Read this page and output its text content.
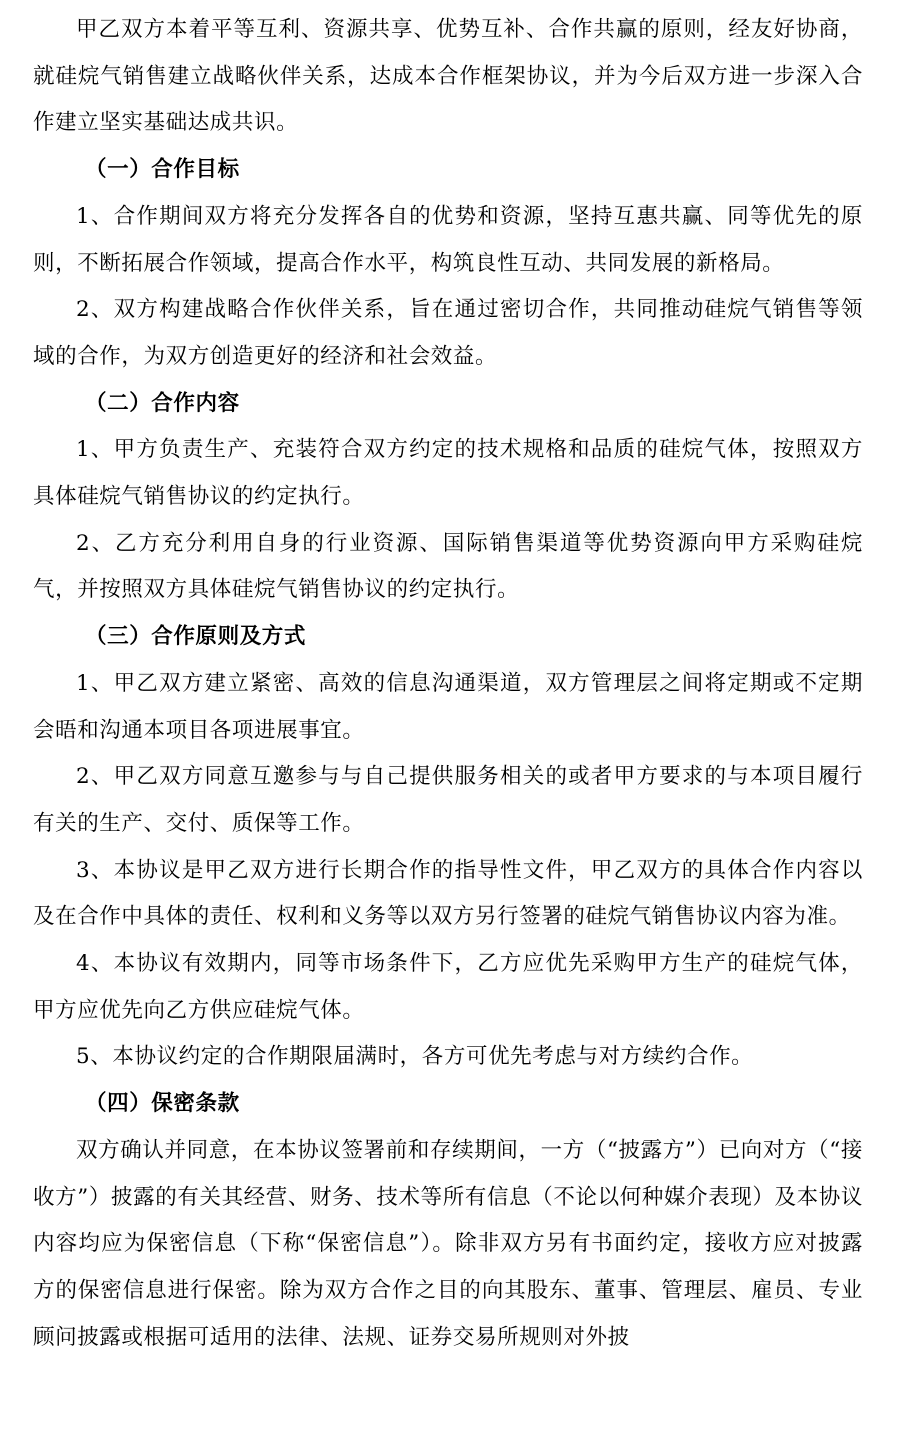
甲乙双方本着平等互利、资源共享、优势互补、合作共赢的原则，经友好协商，就硅烷气销售建立战略伙伴关系，达成本合作框架协议，并为今后双方进一步深入合作建立坚实基础达成共识。

（一）合作目标

1、合作期间双方将充分发挥各自的优势和资源，坚持互惠共赢、同等优先的原则，不断拓展合作领域，提高合作水平，构筑良性互动、共同发展的新格局。

2、双方构建战略合作伙伴关系，旨在通过密切合作，共同推动硅烷气销售等领域的合作，为双方创造更好的经济和社会效益。

（二）合作内容

1、甲方负责生产、充装符合双方约定的技术规格和品质的硅烷气体，按照双方具体硅烷气销售协议的约定执行。

2、乙方充分利用自身的行业资源、国际销售渠道等优势资源向甲方采购硅烷气，并按照双方具体硅烷气销售协议的约定执行。

（三）合作原则及方式

1、甲乙双方建立紧密、高效的信息沟通渠道，双方管理层之间将定期或不定期会晤和沟通本项目各项进展事宜。

2、甲乙双方同意互邀参与与自己提供服务相关的或者甲方要求的与本项目履行有关的生产、交付、质保等工作。

3、本协议是甲乙双方进行长期合作的指导性文件，甲乙双方的具体合作内容以及在合作中具体的责任、权利和义务等以双方另行签署的硅烷气销售协议内容为准。

4、本协议有效期内，同等市场条件下，乙方应优先采购甲方生产的硅烷气体，甲方应优先向乙方供应硅烷气体。

5、本协议约定的合作期限届满时，各方可优先考虑与对方续约合作。

（四）保密条款

双方确认并同意，在本协议签署前和存续期间，一方（“披露方”）已向对方（“接收方”）披露的有关其经营、财务、技术等所有信息（不论以何种媒介表现）及本协议内容均应为保密信息（下称“保密信息”）。除非双方另有书面约定，接收方应对披露方的保密信息进行保密。除为双方合作之目的向其股东、董事、管理层、雇员、专业顾问披露或根据可适用的法律、法规、证券交易所规则对外披
